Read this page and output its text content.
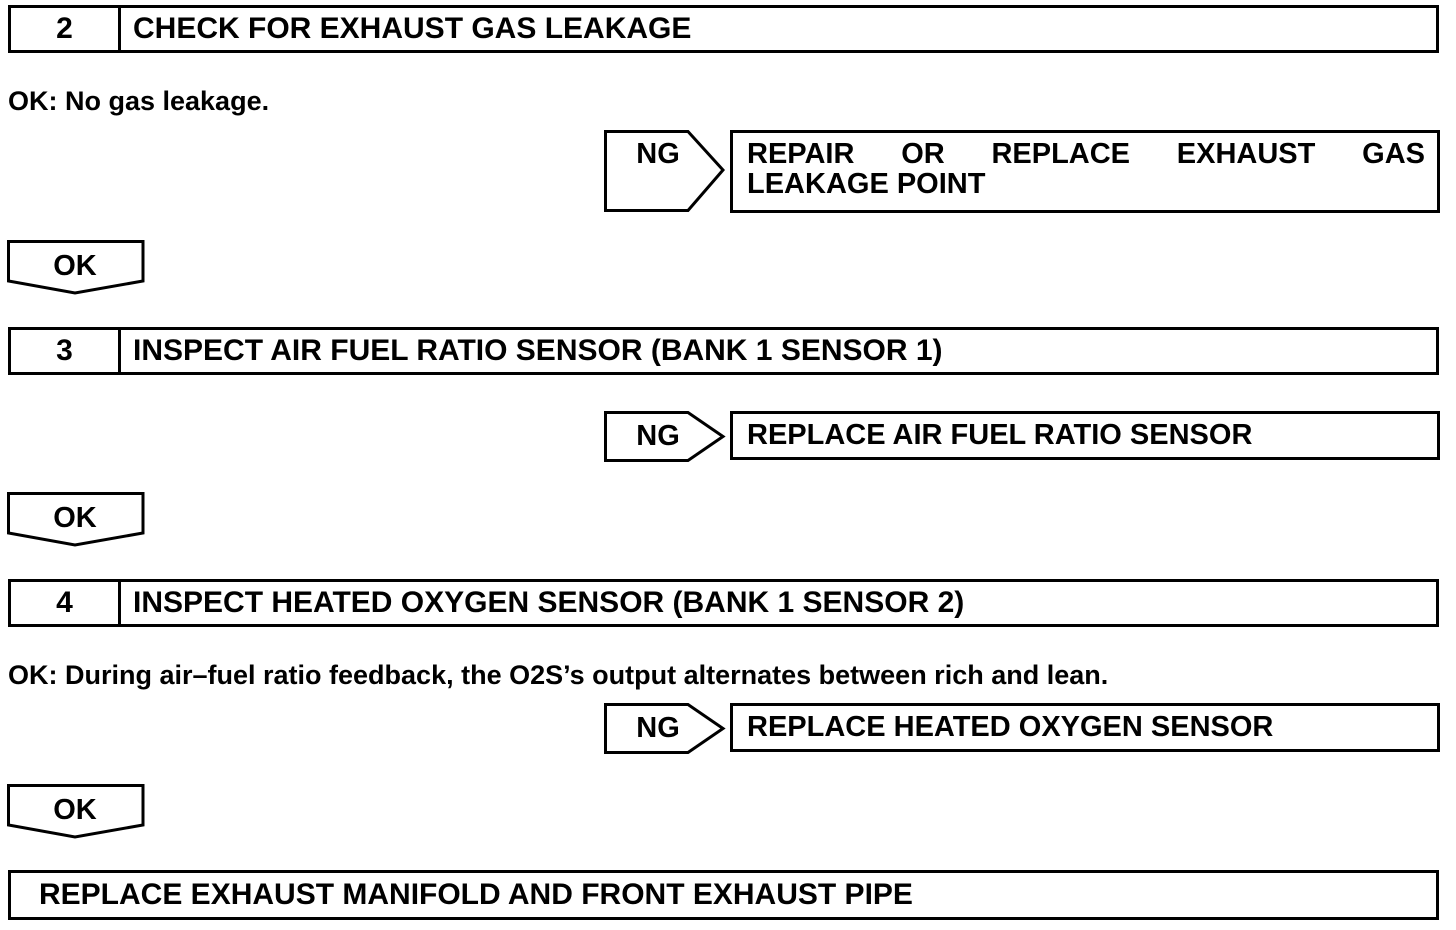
2	CHECK FOR EXHAUST GAS LEAKAGE
OK: No gas leakage.
NG	REPAIR OR REPLACE EXHAUST GAS
LEAKAGE POINT
OK
3	INSPECT AIR FUEL RATIO SENSOR (BANK 1 SENSOR 1)
NG	REPLACE AIR FUEL RATIO SENSOR
OK
4	INSPECT HEATED OXYGEN SENSOR (BANK 1 SENSOR 2)
OK: During air–fuel ratio feedback, the O2S’s output alternates between rich and lean.
NG	REPLACE HEATED OXYGEN SENSOR
OK
REPLACE EXHAUST MANIFOLD AND FRONT EXHAUST PIPE
